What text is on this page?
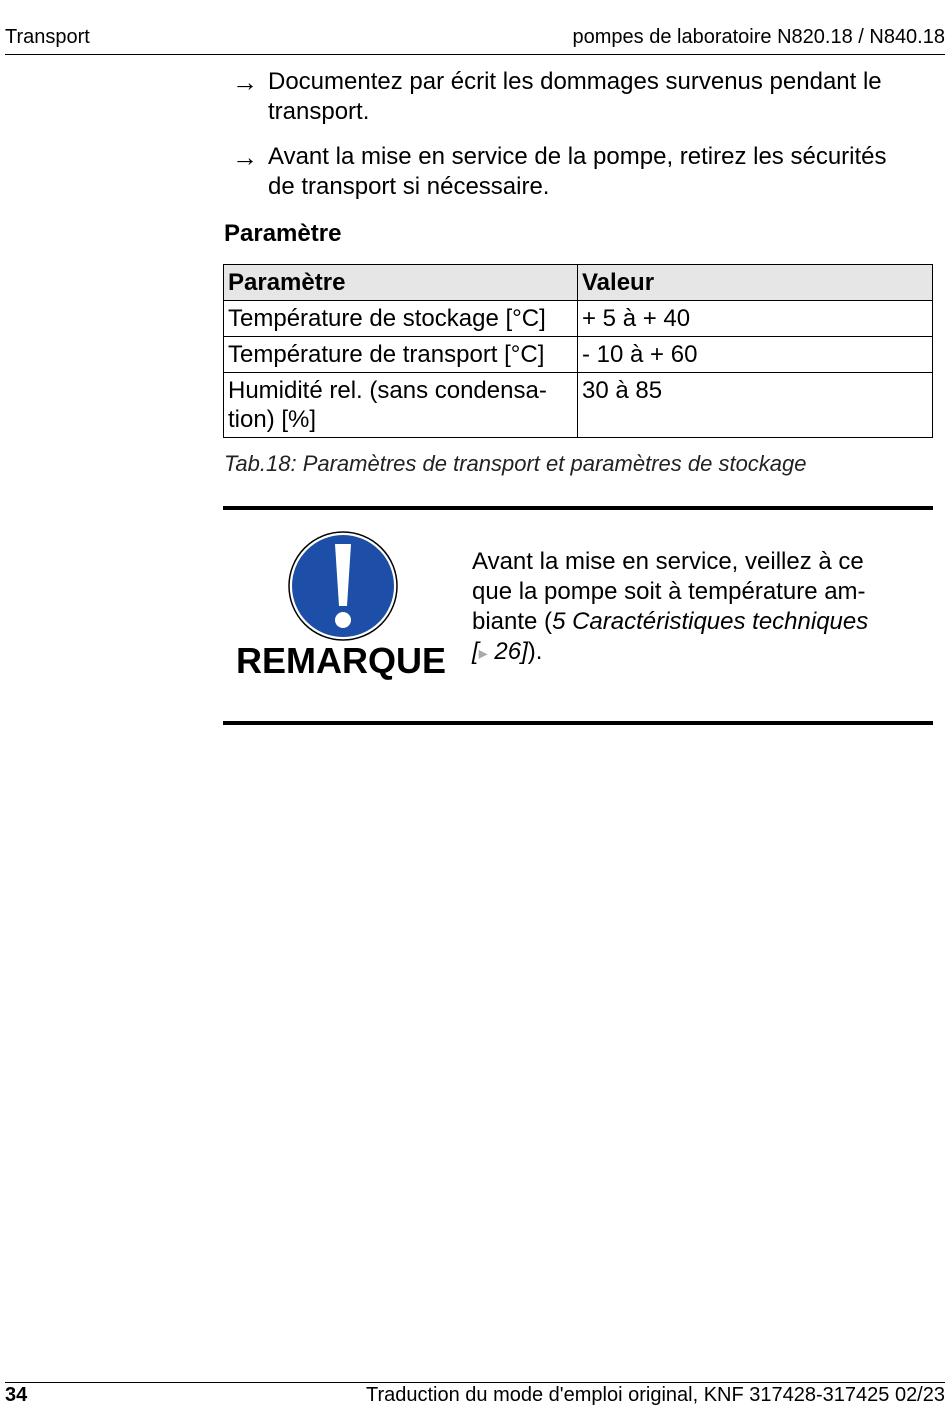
Transport	pompes de laboratoire N820.18 / N840.18
→ Documentez par écrit les dommages survenus pendant le
transport.
→ Avant la mise en service de la pompe, retirez les sécurités
de transport si nécessaire.
Paramètre
Paramètre	Valeur
Température de stockage [°C]	+ 5 à + 40
Température de transport [°C]	- 10 à + 60

Humidité rel. (sans condensa-
tion) [%]	30 à 85
Tab.18: Paramètres de transport et paramètres de stockage
REMARQUE
Avant la mise en service, veillez à ce
que la pompe soit à température am-
biante (5 Caractéristiques techniques
[▸ 26]).
34	Traduction du mode d'emploi original, KNF 317428-317425 02/23
